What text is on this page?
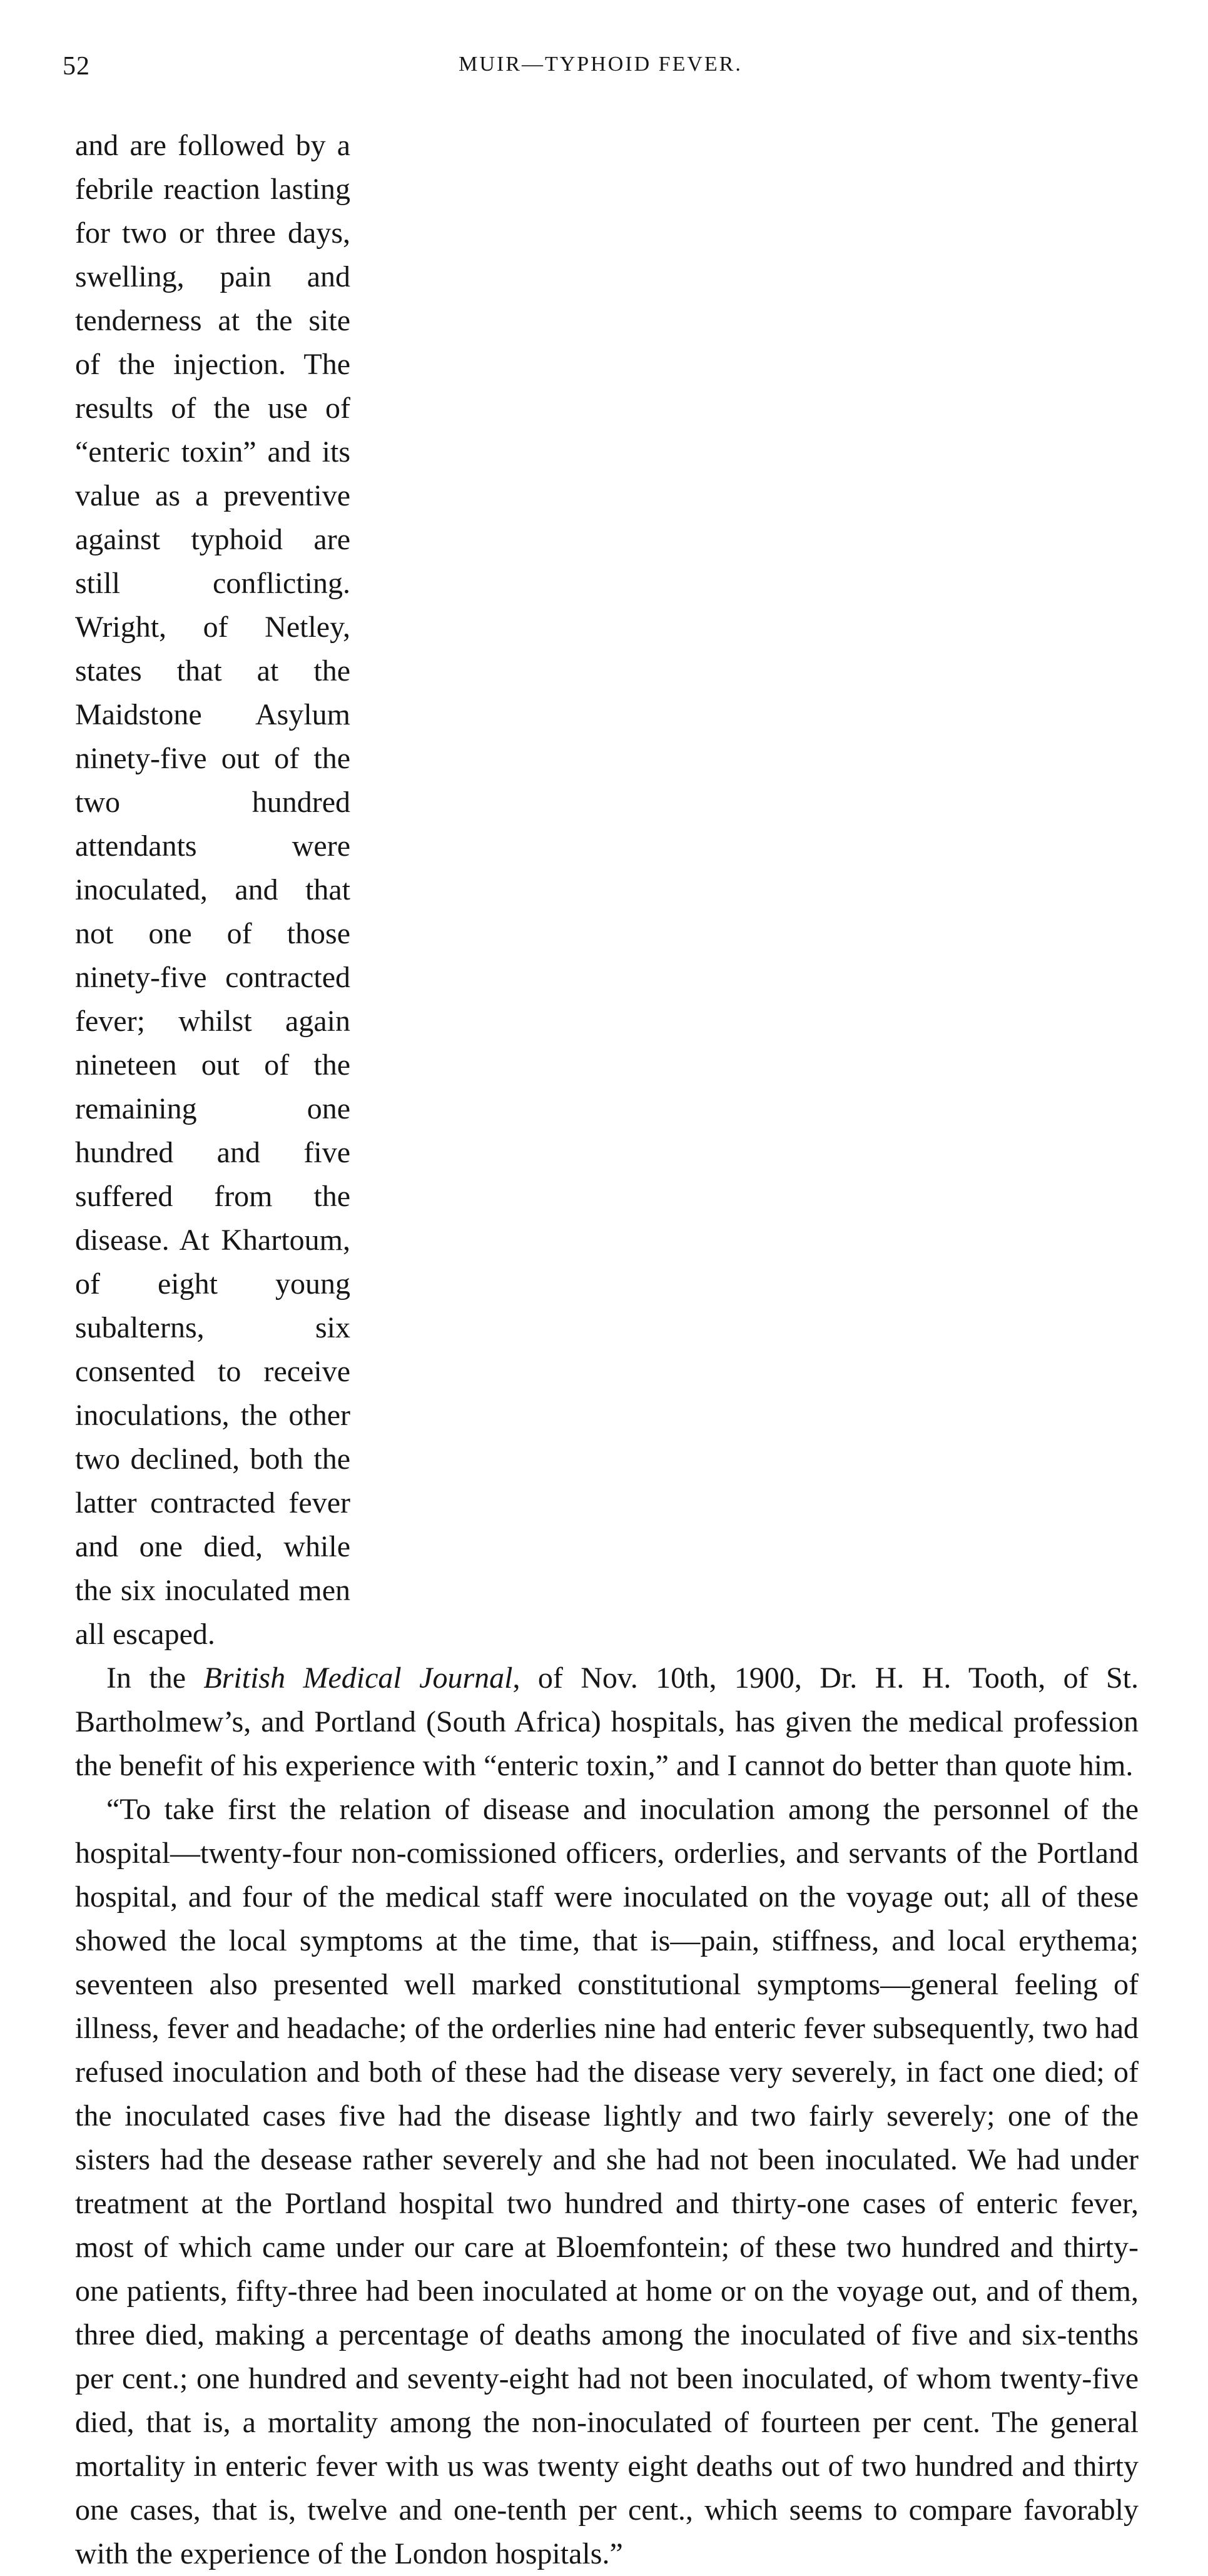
52	MUIR—TYPHOID FEVER.

and are followed by a febrile reaction lasting for two or three days, swelling, pain and tenderness at the site of the injection. The results of the use of “enteric toxin” and its value as a preventive against typhoid are still conflicting. Wright, of Netley, states that at the Maidstone Asylum ninety-five out of the two hundred attendants were inoculated, and that not one of those ninety-five contracted fever; whilst again nineteen out of the remaining one hundred and five suffered from the disease. At Khartoum, of eight young subalterns, six consented to receive inoculations, the other two declined, both the latter contracted fever and one died, while the six inoculated men all escaped.

In the British Medical Journal, of Nov. 10th, 1900, Dr. H. H. Tooth, of St. Bartholmew’s, and Portland (South Africa) hospitals, has given the medical profession the benefit of his experience with “enteric toxin,” and I cannot do better than quote him.

“To take first the relation of disease and inoculation among the personnel of the hospital—twenty-four non-comissioned officers, orderlies, and servants of the Portland hospital, and four of the medical staff were inoculated on the voyage out; all of these showed the local symptoms at the time, that is—pain, stiffness, and local erythema; seventeen also presented well marked constitutional symptoms—general feeling of illness, fever and headache; of the orderlies nine had enteric fever subsequently, two had refused inoculation and both of these had the disease very severely, in fact one died; of the inoculated cases five had the disease lightly and two fairly severely; one of the sisters had the desease rather severely and she had not been inoculated. We had under treatment at the Portland hospital two hundred and thirty-one cases of enteric fever, most of which came under our care at Bloemfontein; of these two hundred and thirty-one patients, fifty-three had been inoculated at home or on the voyage out, and of them, three died, making a percentage of deaths among the inoculated of five and six-tenths per cent.; one hundred and seventy-eight had not been inoculated, of whom twenty-five died, that is, a mortality among the non-inoculated of fourteen per cent. The general mortality in enteric fever with us was twenty eight deaths out of two hundred and thirty one cases, that is, twelve and one-tenth per cent., which seems to compare favorably with the experience of the London hospitals.”
